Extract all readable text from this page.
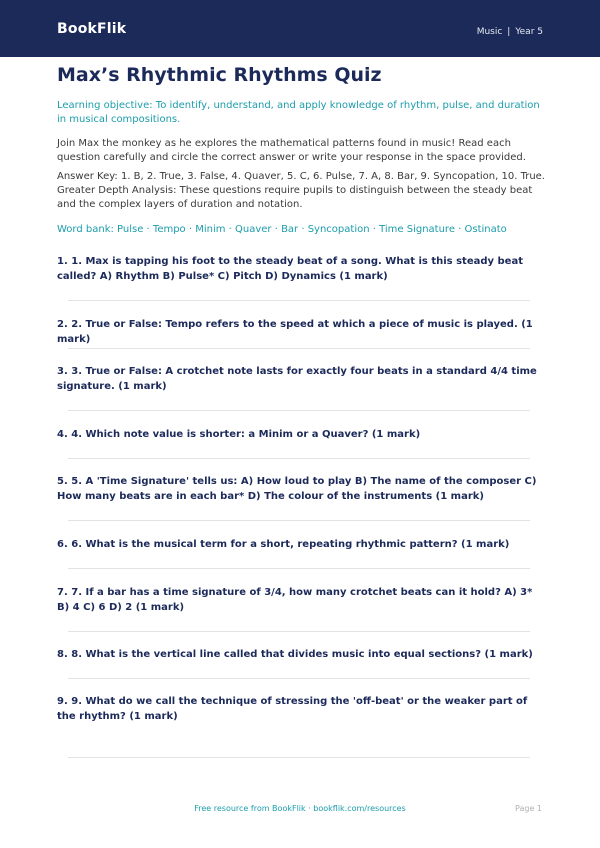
BookFlik	Music | Year 5
Max’s Rhythmic Rhythms Quiz
Learning objective: To identify, understand, and apply knowledge of rhythm, pulse, and duration in musical compositions.
Join Max the monkey as he explores the mathematical patterns found in music! Read each question carefully and circle the correct answer or write your response in the space provided.
Answer Key: 1. B, 2. True, 3. False, 4. Quaver, 5. C, 6. Pulse, 7. A, 8. Bar, 9. Syncopation, 10. True. Greater Depth Analysis: These questions require pupils to distinguish between the steady beat and the complex layers of duration and notation.
Word bank: Pulse · Tempo · Minim · Quaver · Bar · Syncopation · Time Signature · Ostinato
1. 1. Max is tapping his foot to the steady beat of a song. What is this steady beat called? A) Rhythm B) Pulse* C) Pitch D) Dynamics (1 mark)
2. 2. True or False: Tempo refers to the speed at which a piece of music is played. (1 mark)
3. 3. True or False: A crotchet note lasts for exactly four beats in a standard 4/4 time signature. (1 mark)
4. 4. Which note value is shorter: a Minim or a Quaver? (1 mark)
5. 5. A 'Time Signature' tells us: A) How loud to play B) The name of the composer C) How many beats are in each bar* D) The colour of the instruments (1 mark)
6. 6. What is the musical term for a short, repeating rhythmic pattern? (1 mark)
7. 7. If a bar has a time signature of 3/4, how many crotchet beats can it hold? A) 3* B) 4 C) 6 D) 2 (1 mark)
8. 8. What is the vertical line called that divides music into equal sections? (1 mark)
9. 9. What do we call the technique of stressing the 'off-beat' or the weaker part of the rhythm? (1 mark)
Free resource from BookFlik · bookflik.com/resources	Page 1
